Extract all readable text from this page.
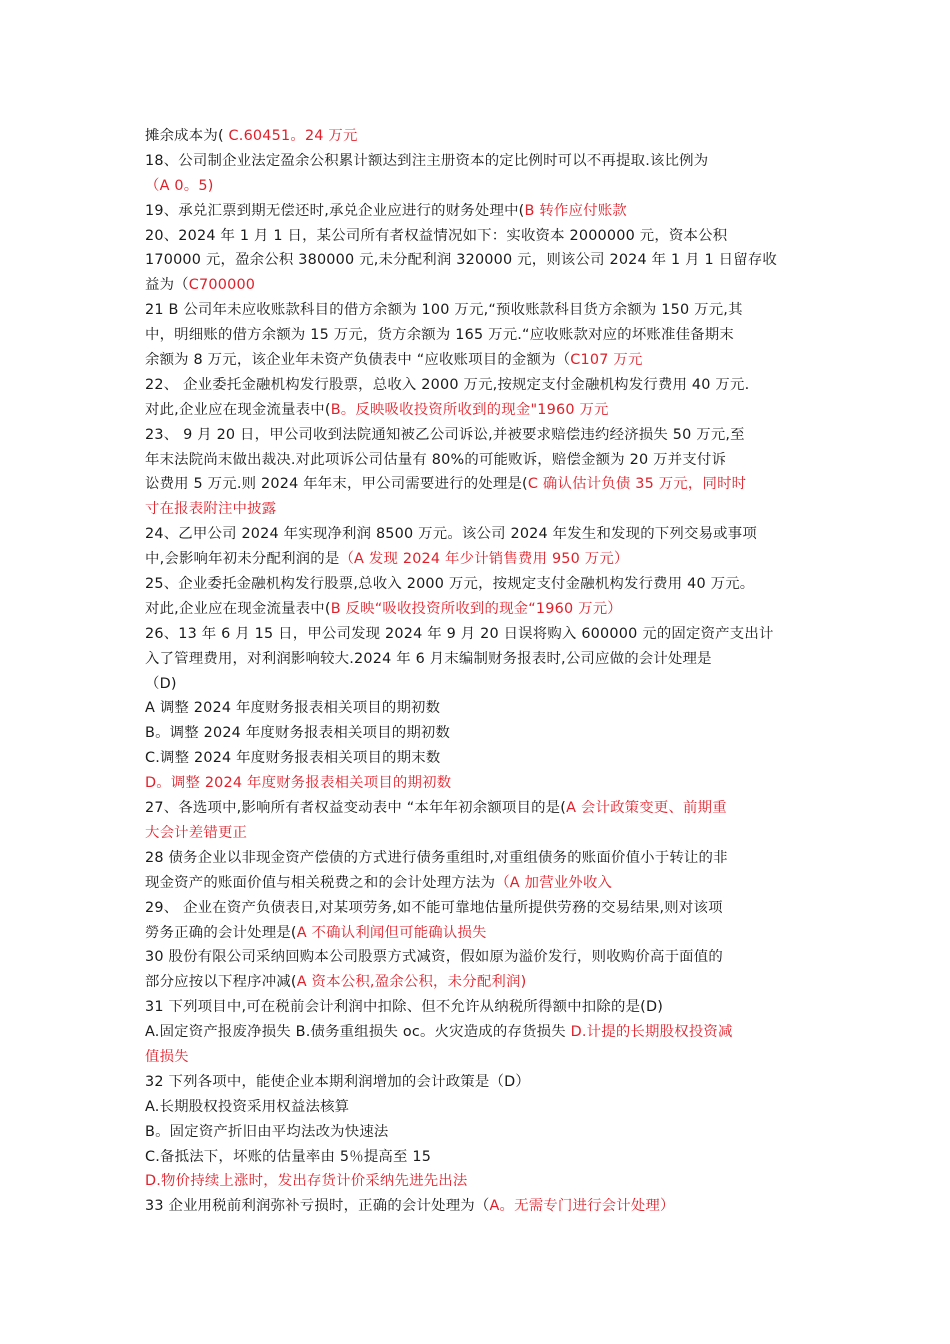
摊余成本为( C.60451。24 万元
18、公司制企业法定盈余公积累计额达到注主册资本的定比例时可以不再提取.该比例为
（A 0。5)
19、承兑汇票到期无偿还时,承兑企业应进行的财务处理中(B 转作应付账款
20、2024 年 1 月 1 日，某公司所有者权益情况如下：实收资本 2000000 元，资本公积
170000 元，盈余公积 380000 元,未分配利润 320000 元，则该公司 2024 年 1 月 1 日留存收
益为（C700000
21 B 公司年未应收账款科目的借方余额为 100 万元,“预收账款科目货方余额为 150 万元,其
中，明细账的借方余额为 15 万元，货方余额为 165 万元.“应收账款对应的坏账准佳备期末
余额为 8 万元，该企业年未资产负债表中 “应收账项目的金额为（C107 万元
22、 企业委托金融机构发行股票，总收入 2000 万元,按规定支付金融机构发行费用 40 万元.
对此,企业应在现金流量表中(B。反映吸收投资所收到的现金"1960 万元
23、 9 月 20 日，甲公司收到法院通知被乙公司诉讼,并被要求赔偿违约经济损失 50 万元,至
年末法院尚末做出裁决.对此项诉公司估量有 80%的可能败诉，赔偿金额为 20 万并支付诉
讼费用 5 万元.则 2024 年年末，甲公司需要进行的处理是(C 确认估计负债 35 万元，同时时
寸在报表附注中披露
24、乙甲公司 2024 年实现净利润 8500 万元。该公司 2024 年发生和发现的下列交易或事项
中,会影响年初未分配利润的是（A 发现 2024 年少计销售费用 950 万元）
25、企业委托金融机构发行股票,总收入 2000 万元，按规定支付金融机构发行费用 40 万元。
对此,企业应在现金流量表中(B 反映“吸收投资所收到的现金“1960 万元）
26、13 年 6 月 15 日，甲公司发现 2024 年 9 月 20 日误将购入 600000 元的固定资产支出计
入了管理费用，对利润影响较大.2024 年 6 月末编制财务报表时,公司应做的会计处理是
（D)
A 调整 2024 年度财务报表相关项目的期初数
B。调整 2024 年度财务报表相关项目的期初数
C.调整 2024 年度财务报表相关项目的期末数
D。调整 2024 年度财务报表相关项目的期初数
27、各选项中,影响所有者权益变动表中 “本年年初余额项目的是(A 会计政策变更、前期重
大会计差错更正
28 债务企业以非现金资产偿债的方式进行债务重组时,对重组债务的账面价值小于转让的非
现金资产的账面价值与相关税费之和的会计处理方法为（A 加营业外收入
29、 企业在资产负债表日,对某项劳务,如不能可靠地估量所提供劳務的交易结果,则对该项
勞务正确的会计处理是(A 不确认利闻但可能确认损失
30 股份有限公司采纳回购本公司股票方式减资，假如原为溢价发行，则收购价高于面值的
部分应按以下程序冲减(A 资本公积,盈余公积，未分配利润)
31 下列项目中,可在税前会计利润中扣除、但不允许从纳税所得额中扣除的是(D)
A.固定资产报废净损失 B.债务重组损失 oc。火灾造成的存货损失 D.计提的长期股权投资减
值损失
32 下列各项中，能使企业本期利润增加的会计政策是（D）
A.长期股权投资采用权益法核算
B。固定资产折旧由平均法改为快速法
C.备抵法下，坏账的估量率由 5％提高至 15
D.物价持续上涨时，发出存货计价采纳先进先出法
33 企业用税前利润弥补亏损时，正确的会计处理为（A。无需专门进行会计处理）
